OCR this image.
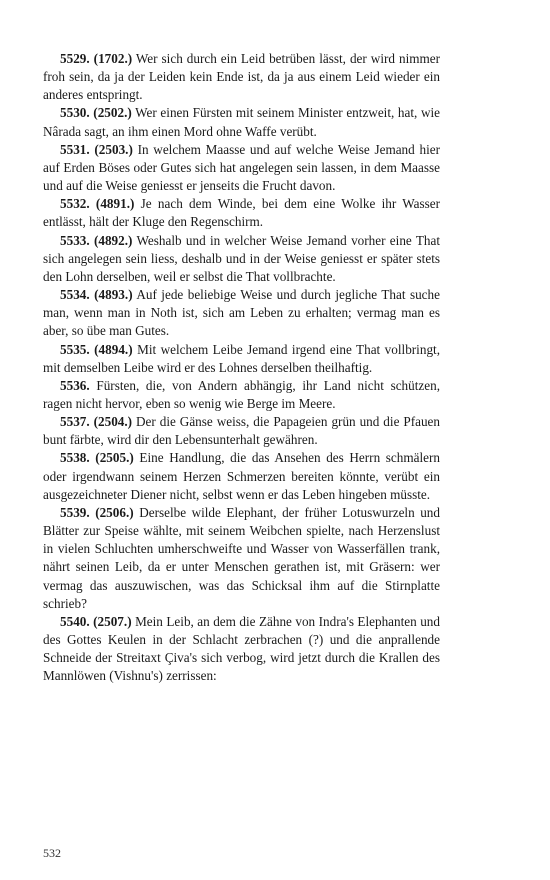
5529. (1702.) Wer sich durch ein Leid betrüben lässt, der wird nimmer froh sein, da ja der Leiden kein Ende ist, da ja aus einem Leid wieder ein anderes entspringt.

5530. (2502.) Wer einen Fürsten mit seinem Minister entzweit, hat, wie Nârada sagt, an ihm einen Mord ohne Waffe verübt.

5531. (2503.) In welchem Maasse und auf welche Weise Jemand hier auf Erden Böses oder Gutes sich hat angelegen sein lassen, in dem Maasse und auf die Weise geniesst er jenseits die Frucht davon.

5532. (4891.) Je nach dem Winde, bei dem eine Wolke ihr Wasser entlässt, hält der Kluge den Regenschirm.

5533. (4892.) Weshalb und in welcher Weise Jemand vorher eine That sich angelegen sein liess, deshalb und in der Weise geniesst er später stets den Lohn derselben, weil er selbst die That vollbrachte.

5534. (4893.) Auf jede beliebige Weise und durch jegliche That suche man, wenn man in Noth ist, sich am Leben zu erhalten; vermag man es aber, so übe man Gutes.

5535. (4894.) Mit welchem Leibe Jemand irgend eine That vollbringt, mit demselben Leibe wird er des Lohnes derselben theilhaftig.

5536. Fürsten, die, von Andern abhängig, ihr Land nicht schützen, ragen nicht hervor, eben so wenig wie Berge im Meere.

5537. (2504.) Der die Gänse weiss, die Papageien grün und die Pfauen bunt färbte, wird dir den Lebensunterhalt gewähren.

5538. (2505.) Eine Handlung, die das Ansehen des Herrn schmälern oder irgendwann seinem Herzen Schmerzen bereiten könnte, verübt ein ausgezeichneter Diener nicht, selbst wenn er das Leben hingeben müsste.

5539. (2506.) Derselbe wilde Elephant, der früher Lotuswurzeln und Blätter zur Speise wählte, mit seinem Weibchen spielte, nach Herzenslust in vielen Schluchten umherschweifte und Wasser von Wasserfällen trank, nährt seinen Leib, da er unter Menschen gerathen ist, mit Gräsern: wer vermag das auszuwischen, was das Schicksal ihm auf die Stirnplatte schrieb?

5540. (2507.) Mein Leib, an dem die Zähne von Indra's Elephanten und des Gottes Keulen in der Schlacht zerbrachen (?) und die anprallende Schneide der Streitaxt Çiva's sich verbog, wird jetzt durch die Krallen des Mannlöwen (Vishnu's) zerrissen:

532
